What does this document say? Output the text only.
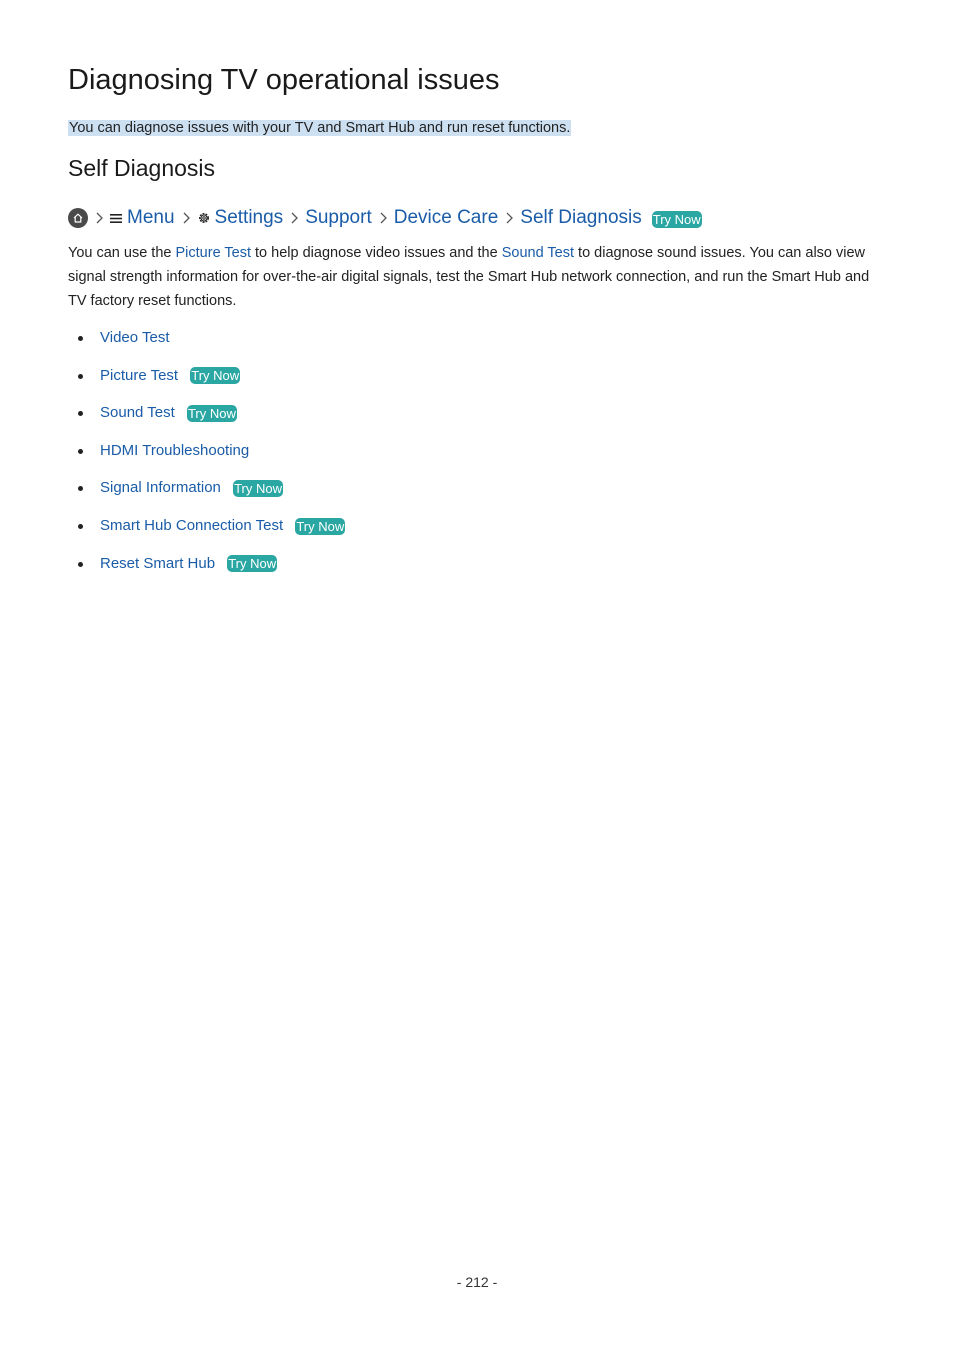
Diagnosing TV operational issues
You can diagnose issues with your TV and Smart Hub and run reset functions.
Self Diagnosis
Menu Settings Support Device Care Self Diagnosis Try Now
You can use the Picture Test to help diagnose video issues and the Sound Test to diagnose sound issues. You can also view signal strength information for over-the-air digital signals, test the Smart Hub network connection, and run the Smart Hub and TV factory reset functions.
Video Test
Picture Test Try Now
Sound Test Try Now
HDMI Troubleshooting
Signal Information Try Now
Smart Hub Connection Test Try Now
Reset Smart Hub Try Now
- 212 -
